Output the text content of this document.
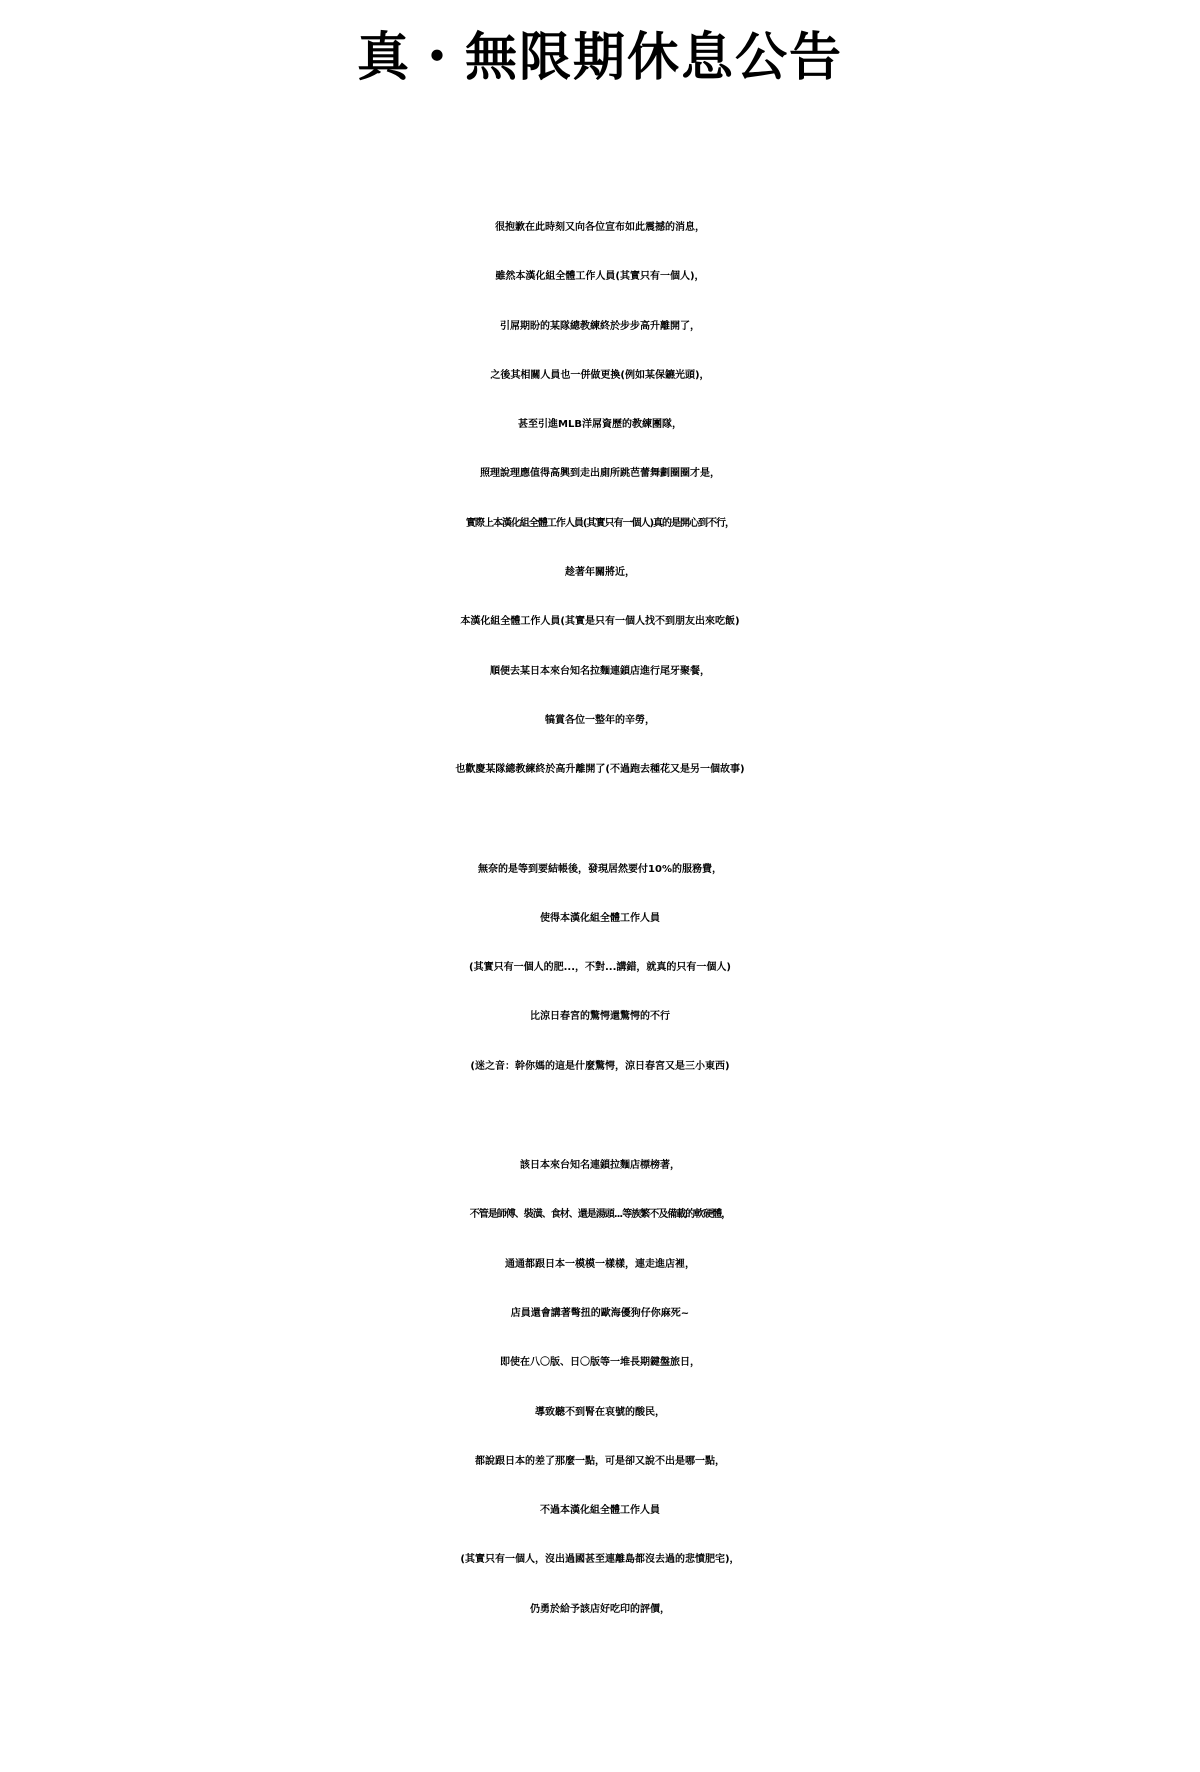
真・無限期休息公告
很抱歉在此時刻又向各位宣布如此震撼的消息，
雖然本漢化組全體工作人員(其實只有一個人)，
引屌期盼的某隊總教練終於步步高升離開了，
之後其相關人員也一併做更換(例如某保鑣光頭)，
甚至引進MLB洋屌資歷的教練團隊，
照理說理應值得高興到走出廁所跳芭蕾舞劃圈圈才是，
實際上本漢化組全體工作人員(其實只有一個人)真的是開心到不行，
趁著年關將近，
本漢化組全體工作人員(其實是只有一個人找不到朋友出來吃飯)
順便去某日本來台知名拉麵連鎖店進行尾牙聚餐，
犒賞各位一整年的辛勞，
也歡慶某隊總教練終於高升離開了(不過跑去種花又是另一個故事)
無奈的是等到要結帳後，發現居然要付10%的服務費，
使得本漢化組全體工作人員
(其實只有一個人的肥...，不對...講錯，就真的只有一個人)
比涼日春宮的驚愕還驚愕的不行
(迷之音：幹你媽的這是什麼驚愕，涼日春宮又是三小東西)
該日本來台知名連鎖拉麵店標榜著，
不管是師傅、裝潢、食材、還是湯頭...等族繁不及備載的軟硬體，
通通都跟日本一模模一樣樣，連走進店裡，
店員還會講著彆扭的歐海優狗仔你麻死~
即使在八〇版、日〇版等一堆長期鍵盤旅日，
導致聽不到腎在哀號的酸民，
都說跟日本的差了那麼一點，可是卻又說不出是哪一點，
不過本漢化組全體工作人員
(其實只有一個人，沒出過國甚至連離島都沒去過的悲憤肥宅)，
仍勇於給予該店好吃印的評價，
